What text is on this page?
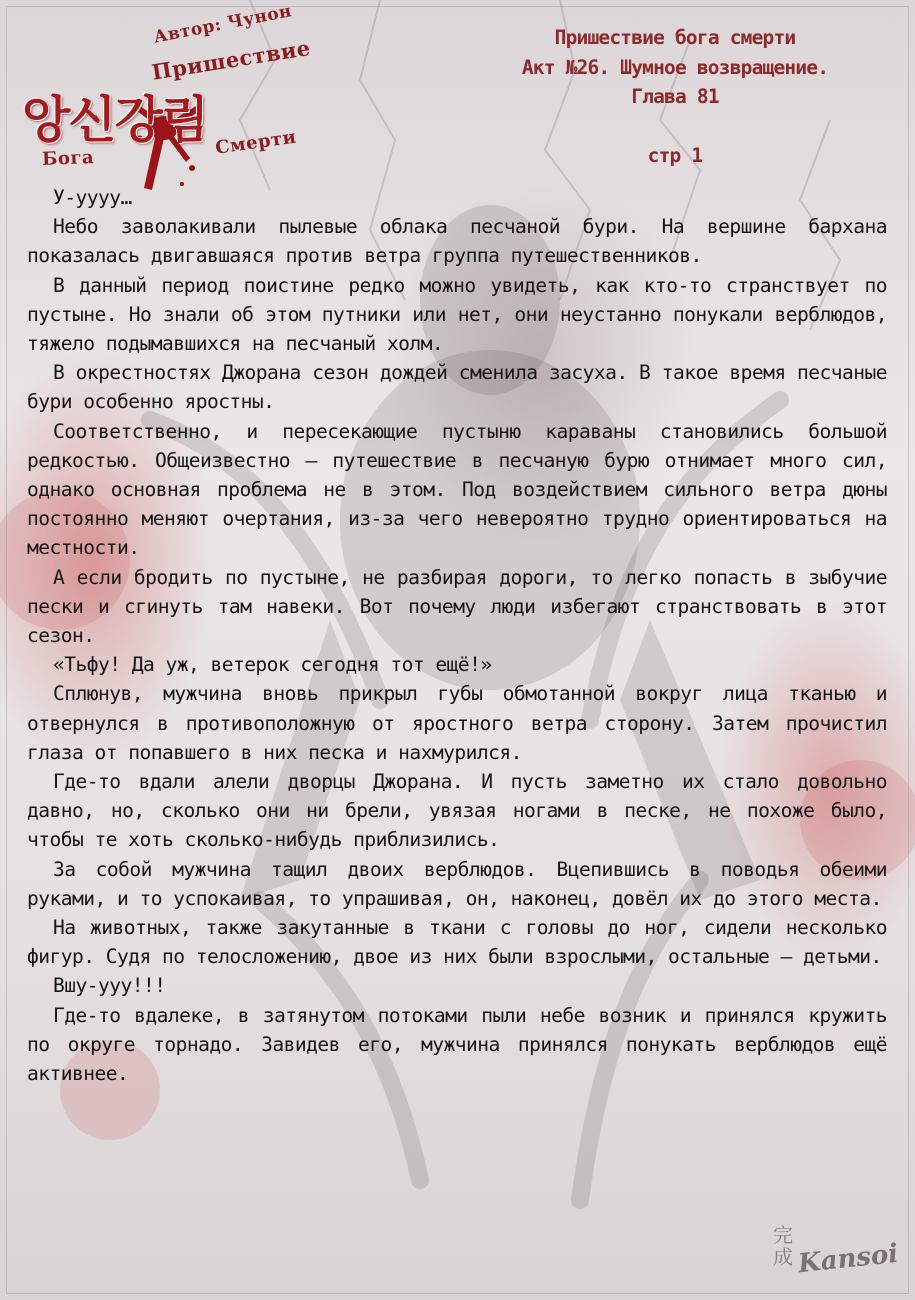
Автор: Чунон
Пришествие
앙신강림
Бога	Смерти
Пришествие бога смерти
Акт №26. Шумное возвращение.
Глава 81
стр 1

У-уууу…

Небо заволакивали пылевые облака песчаной бури. На вершине бархана показалась двигавшаяся против ветра группа путешественников.

В данный период поистине редко можно увидеть, как кто-то странствует по пустыне. Но знали об этом путники или нет, они неустанно понукали верблюдов, тяжело подымавшихся на песчаный холм.

В окрестностях Джорана сезон дождей сменила засуха. В такое время песчаные бури особенно яростны.

Соответственно, и пересекающие пустыню караваны становились большой редкостью. Общеизвестно – путешествие в песчаную бурю отнимает много сил, однако основная проблема не в этом. Под воздействием сильного ветра дюны постоянно меняют очертания, из-за чего невероятно трудно ориентироваться на местности.

А если бродить по пустыне, не разбирая дороги, то легко попасть в зыбучие пески и сгинуть там навеки. Вот почему люди избегают странствовать в этот сезон.

«Тьфу! Да уж, ветерок сегодня тот ещё!»

Сплюнув, мужчина вновь прикрыл губы обмотанной вокруг лица тканью и отвернулся в противоположную от яростного ветра сторону. Затем прочистил глаза от попавшего в них песка и нахмурился.

Где-то вдали алели дворцы Джорана. И пусть заметно их стало довольно давно, но, сколько они ни брели, увязая ногами в песке, не похоже было, чтобы те хоть сколько-нибудь приблизились.

За собой мужчина тащил двоих верблюдов. Вцепившись в поводья обеими руками, и то успокаивая, то упрашивая, он, наконец, довёл их до этого места.

На животных, также закутанные в ткани с головы до ног, сидели несколько фигур. Судя по телосложению, двое из них были взрослыми, остальные – детьми.

Вшу-ууу!!!

Где-то вдалеке, в затянутом потоками пыли небе возник и принялся кружить по округе торнадо. Завидев его, мужчина принялся понукать верблюдов ещё активнее.

完成 Kansoi
